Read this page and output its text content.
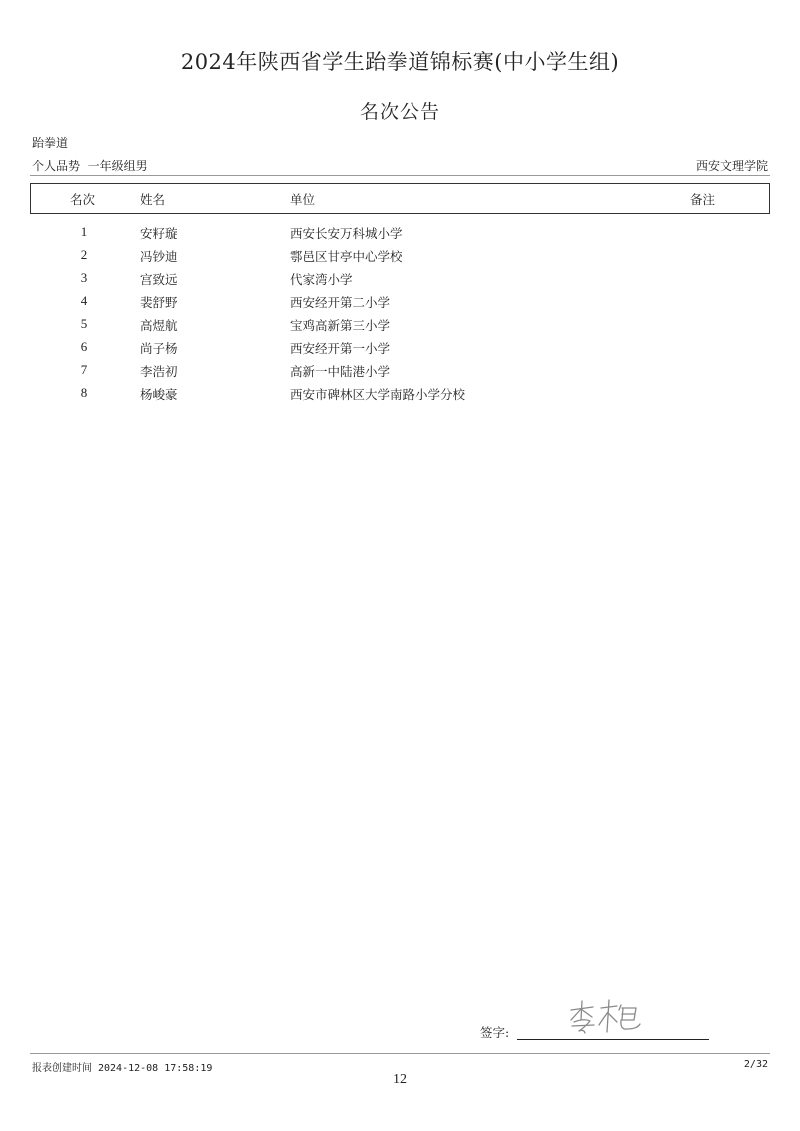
2024年陕西省学生跆拳道锦标赛(中小学生组)
名次公告
跆拳道
个人品势  一年级组男	西安文理学院
名次	姓名	单位	备注
1	安籽璇	西安长安万科城小学
2	冯钞迪	鄠邑区甘亭中心学校
3	宫致远	代家湾小学
4	裴舒野	西安经开第二小学
5	高煜航	宝鸡高新第三小学
6	尚子杨	西安经开第一小学
7	李浩初	高新一中陆港小学
8	杨峻豪	西安市碑林区大学南路小学分校
签字:
报表创建时间 2024-12-08 17:58:19	2/32
12
